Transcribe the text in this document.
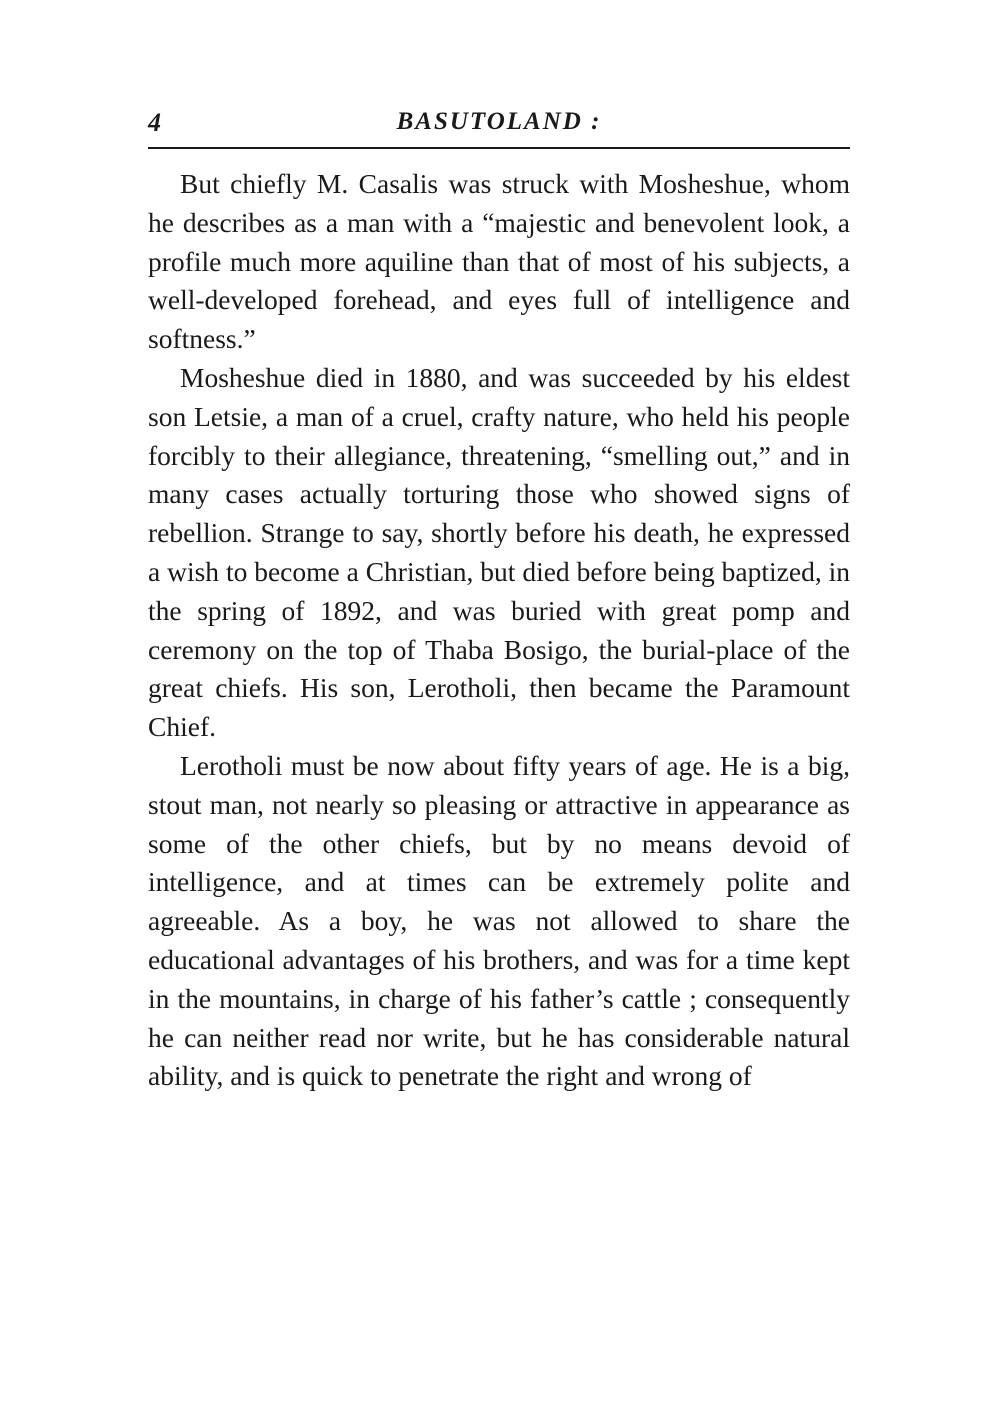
4	BASUTOLAND :

But chiefly M. Casalis was struck with Mosheshue, whom he describes as a man with a “majestic and benevolent look, a profile much more aquiline than that of most of his subjects, a well-developed forehead, and eyes full of intelligence and softness.”

Mosheshue died in 1880, and was succeeded by his eldest son Letsie, a man of a cruel, crafty nature, who held his people forcibly to their allegiance, threatening, “smelling out,” and in many cases actually torturing those who showed signs of rebellion. Strange to say, shortly before his death, he expressed a wish to become a Christian, but died before being baptized, in the spring of 1892, and was buried with great pomp and ceremony on the top of Thaba Bosigo, the burial-place of the great chiefs. His son, Lerotholi, then became the Paramount Chief.

Lerotholi must be now about fifty years of age. He is a big, stout man, not nearly so pleasing or attractive in appearance as some of the other chiefs, but by no means devoid of intelligence, and at times can be extremely polite and agreeable. As a boy, he was not allowed to share the educational advantages of his brothers, and was for a time kept in the mountains, in charge of his father’s cattle ; consequently he can neither read nor write, but he has considerable natural ability, and is quick to penetrate the right and wrong of
